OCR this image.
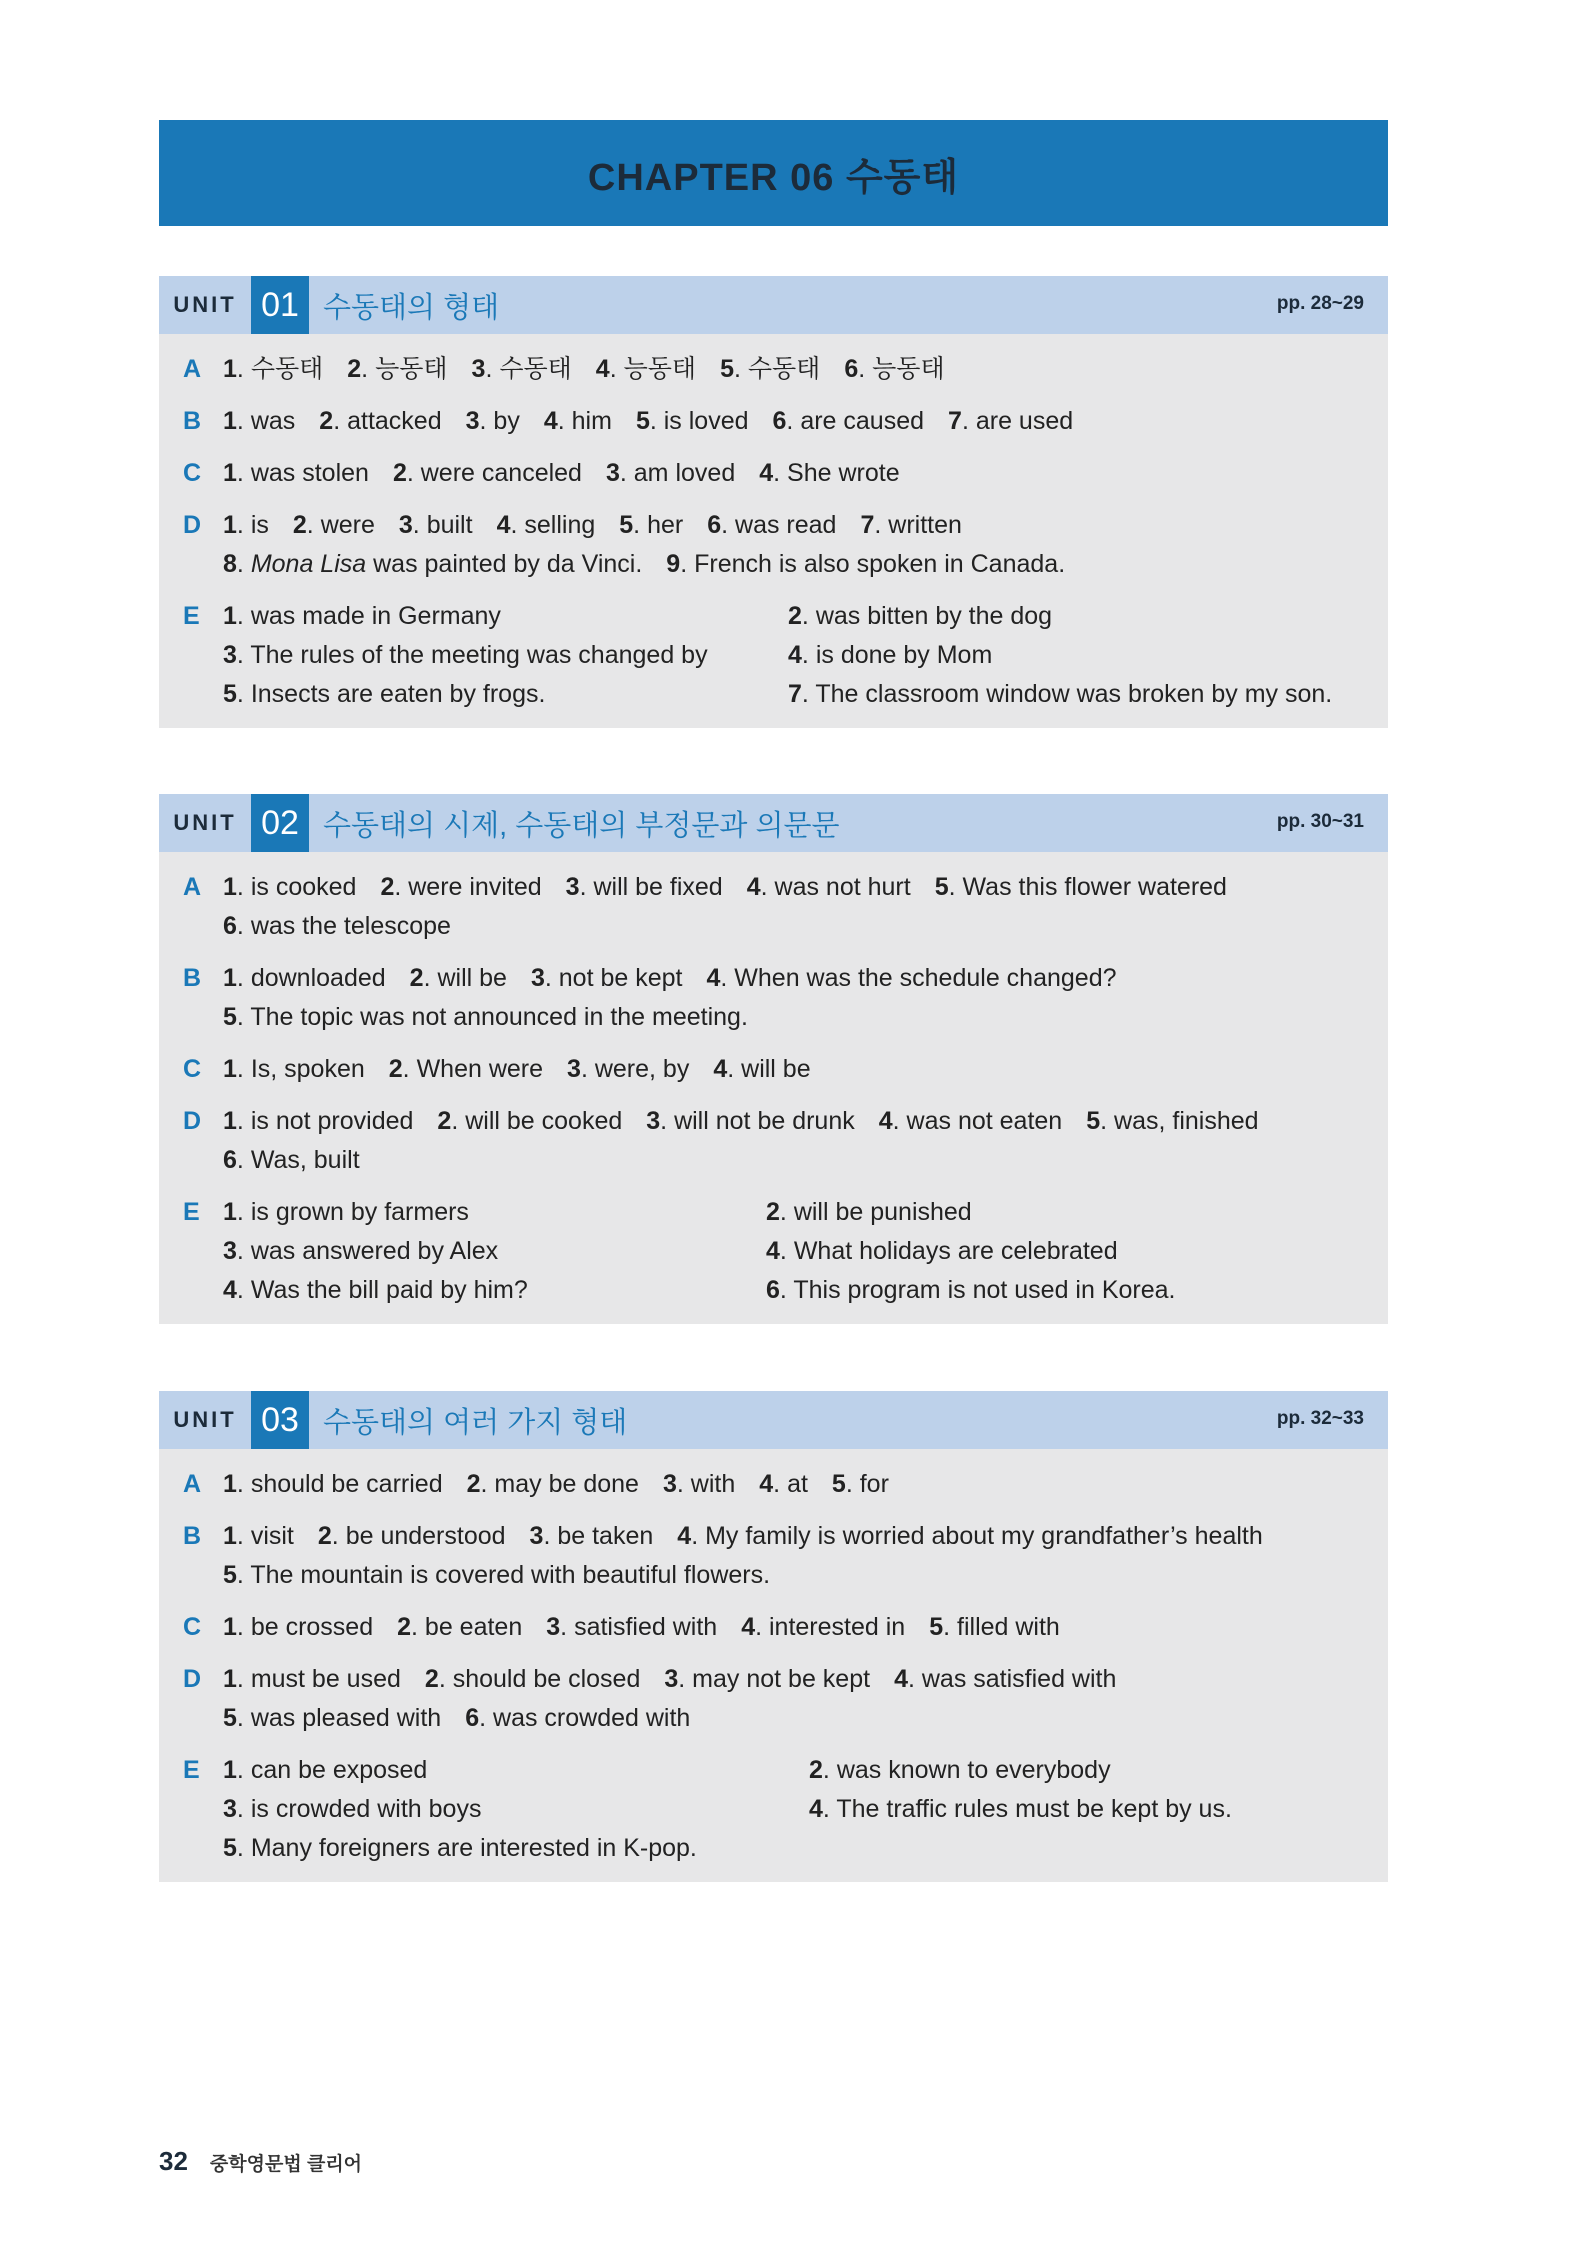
CHAPTER 06 수동태
UNIT 01 수동태의 형태	pp. 28~29
A 1. 수동태 2. 능동태 3. 수동태 4. 능동태 5. 수동태 6. 능동태
B 1. was 2. attacked 3. by 4. him 5. is loved 6. are caused 7. are used
C 1. was stolen 2. were canceled 3. am loved 4. She wrote
D 1. is 2. were 3. built 4. selling 5. her 6. was read 7. written
8. Mona Lisa was painted by da Vinci. 9. French is also spoken in Canada.
E 1. was made in Germany	2. was bitten by the dog
3. The rules of the meeting was changed by	4. is done by Mom
5. Insects are eaten by frogs.	7. The classroom window was broken by my son.
UNIT 02 수동태의 시제, 수동태의 부정문과 의문문	pp. 30~31
A 1. is cooked 2. were invited 3. will be fixed 4. was not hurt 5. Was this flower watered
6. was the telescope
B 1. downloaded 2. will be 3. not be kept 4. When was the schedule changed?
5. The topic was not announced in the meeting.
C 1. Is, spoken 2. When were 3. were, by 4. will be
D 1. is not provided 2. will be cooked 3. will not be drunk 4. was not eaten 5. was, finished
6. Was, built
E 1. is grown by farmers	2. will be punished
3. was answered by Alex	4. What holidays are celebrated
4. Was the bill paid by him?	6. This program is not used in Korea.
UNIT 03 수동태의 여러 가지 형태	pp. 32~33
A 1. should be carried 2. may be done 3. with 4. at 5. for
B 1. visit 2. be understood 3. be taken 4. My family is worried about my grandfather’s health
5. The mountain is covered with beautiful flowers.
C 1. be crossed 2. be eaten 3. satisfied with 4. interested in 5. filled with
D 1. must be used 2. should be closed 3. may not be kept 4. was satisfied with
5. was pleased with 6. was crowded with
E 1. can be exposed	2. was known to everybody
3. is crowded with boys	4. The traffic rules must be kept by us.
5. Many foreigners are interested in K-pop.
32 중학영문법 클리어
